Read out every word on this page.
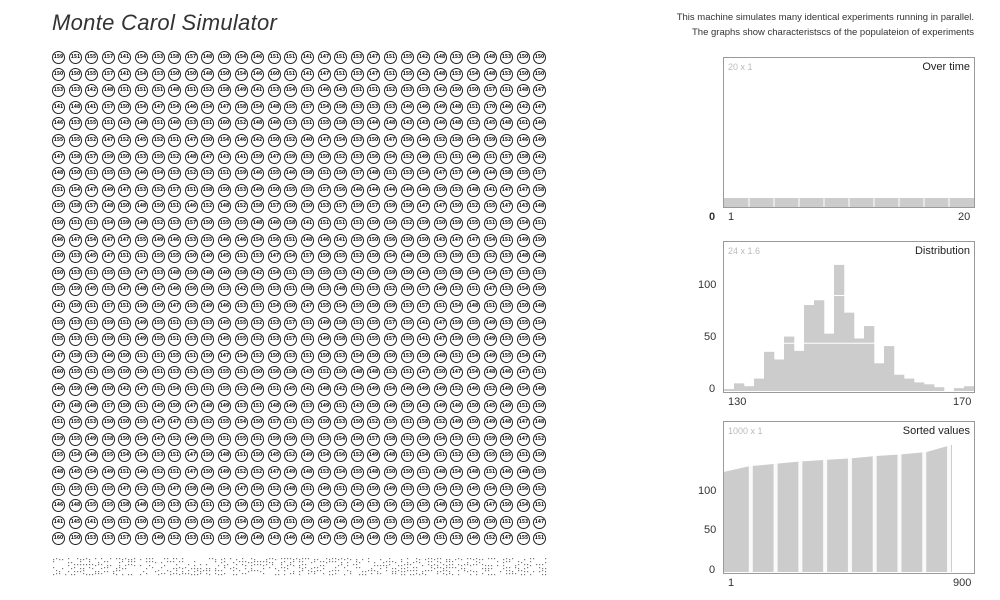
Monte Carol Simulator	This machine simulates many identical experiments running in parallel.
The graphs show characteristscs of the populateion of experiments
159	151	155	157	141	154	153	158	157	148	150	154	146	151	151	141	147	151	153	147	151	155	142	148	153	154	148	153	150	150
150	150	155	157	141	154	153	150	150	148	150	154	146	160	151	141	147	151	153	147	151	155	142	148	153	154	148	153	150	150
153	153	142	148	151	151	151	148	151	152	158	149	141	153	154	151	146	143	151	151	152	153	153	142	150	150	157	151	148	147
141	148	141	157	150	154	147	154	146	154	147	158	154	148	155	157	154	158	153	153	153	146	146	149	148	151	170	146	142	147
146	153	155	151	143	148	151	146	153	151	160	152	148	146	153	151	155	158	153	144	148	143	143	146	148	152	145	148	161	146
155	155	152	147	152	145	152	151	147	150	154	146	142	150	152	140	147	154	153	150	147	156	146	152	158	154	159	152	146	149
147	158	157	159	150	153	155	152	148	147	143	141	159	147	159	153	150	152	153	156	154	152	149	151	151	146	151	157	158	142
148	150	151	155	153	146	154	153	152	152	151	159	146	155	146	158	151	150	157	148	151	153	154	147	157	149	144	158	155	157
151	154	147	149	147	153	152	157	151	158	150	153	149	150	155	155	157	156	146	144	144	144	146	150	153	148	141	147	147	158
155	158	157	148	150	148	150	151	146	152	148	152	158	157	150	150	153	157	159	157	159	158	147	147	150	152	155	147	143	148
150	151	151	154	159	148	152	153	157	150	155	155	148	146	158	141	151	151	151	150	156	152	159	150	159	155	151	155	154	151
146	147	154	147	147	155	149	146	153	155	146	146	154	156	151	148	146	141	155	150	156	150	150	143	147	147	154	151	149	150
150	153	145	147	151	151	155	155	150	140	145	151	153	147	154	157	150	155	152	150	154	148	150	153	150	153	152	153	148	148
150	153	151	155	153	147	153	148	150	148	140	158	142	154	151	153	155	153	141	150	159	150	143	155	158	154	154	157	153	153
155	159	145	153	147	148	147	146	156	150	153	142	155	153	151	158	153	148	151	153	152	150	157	149	153	151	147	153	154	150
141	150	151	157	151	150	150	147	155	149	146	153	151	154	150	147	155	154	155	150	159	153	157	151	154	148	151	155	150	148
155	153	151	159	151	149	155	151	153	153	145	155	152	153	157	151	149	158	151	155	157	155	141	147	159	155	149	153	155	154
155	153	151	159	151	149	155	151	153	153	145	155	152	153	157	151	149	158	151	155	157	155	141	147	159	155	149	153	155	154
147	158	153	146	150	151	151	155	151	150	147	154	152	150	153	151	150	153	154	150	150	153	150	148	151	154	149	155	154	147
160	155	151	155	150	150	151	153	152	153	155	151	150	156	158	143	151	150	148	148	152	151	147	150	147	154	148	146	147	151
146	159	148	150	142	147	151	154	151	151	155	152	149	151	145	141	148	142	154	149	154	149	149	149	152	146	152	149	154	148
147	148	148	157	150	151	145	150	147	148	149	153	151	148	149	153	149	151	143	150	149	150	143	149	146	150	145	149	151	150
151	155	153	150	150	155	147	147	153	152	155	154	150	157	151	152	150	153	150	152	155	151	158	152	149	150	149	148	147	148
159	155	149	158	150	154	147	152	149	155	151	155	151	159	150	153	153	154	150	157	158	152	150	154	153	151	159	150	147	152
155	154	148	155	154	154	153	151	147	150	148	151	150	145	152	149	154	156	152	149	148	151	154	151	152	153	155	155	151	150
148	145	154	149	151	146	152	151	147	150	149	152	152	147	149	148	153	154	155	148	150	150	151	148	154	148	151	146	148	155
151	155	151	155	147	152	153	147	158	148	154	147	156	152	148	151	149	151	152	150	149	153	153	154	153	145	154	153	156	152
146	148	155	155	158	148	155	153	152	151	152	150	151	152	152	146	155	152	145	153	156	155	155	148	153	154	147	150	154	151
141	145	141	155	151	150	151	153	155	156	155	154	150	153	151	150	145	146	150	155	153	155	153	147	155	150	150	151	153	147
160	150	153	153	157	153	149	152	153	151	155	149	149	143	146	146	147	155	154	149	156	155	149	151	153	146	152	147	155	151
20 x 1	Over time
0 1	20
24 x 1.6	Distribution
100
50
0
130	170
1000 x 1	Sorted values
100
50
0
1	900
